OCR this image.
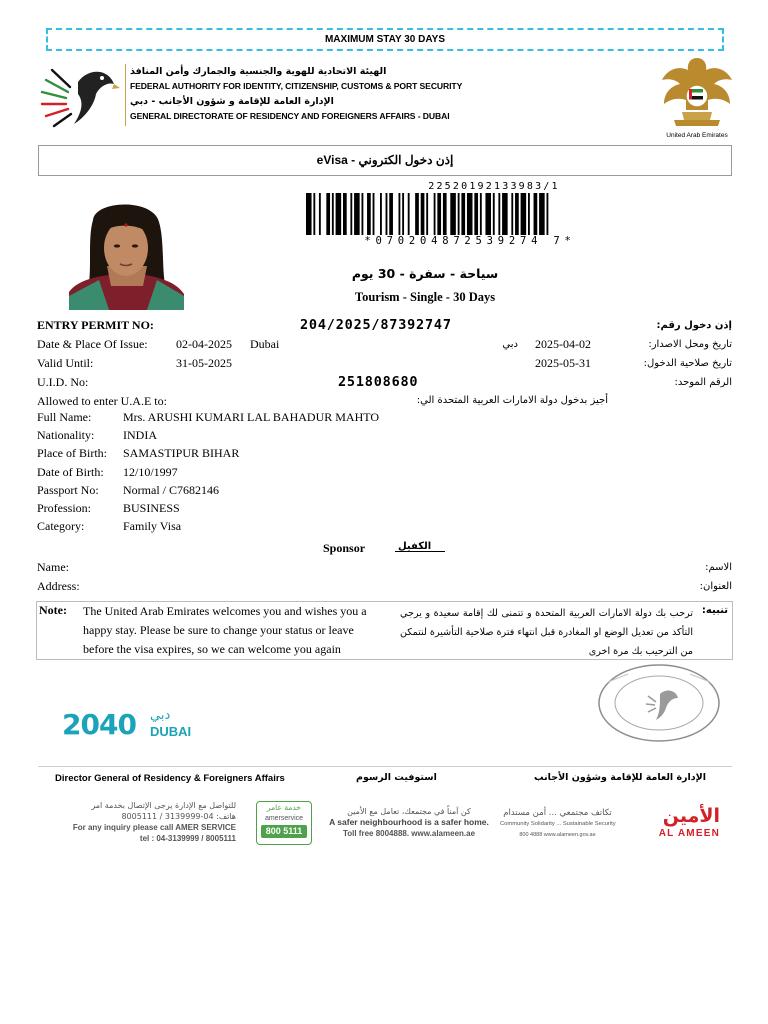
MAXIMUM STAY 30 DAYS
الهيئة الاتحادية للهوية والجنسية والجمارك وأمن المنافذ
FEDERAL AUTHORITY FOR IDENTITY, CITIZENSHIP, CUSTOMS & PORT SECURITY
الإدارة العامة للإقامة و شؤون الأجانب - دبي
GENERAL DIRECTORATE OF RESIDENCY AND FOREIGNERS AFFAIRS - DUBAI
United Arab Emirates
eVisa - إذن دخول الكتروني
22520192133983/1
*070204872539274 7*
سياحة - سفرة - 30 يوم
Tourism - Single - 30 Days
ENTRY PERMIT NO:	204/2025/87392747	إذن دخول رقم:
Date & Place Of Issue: 02-04-2025 Dubai	دبي 2025-04-02	تاريخ ومحل الاصدار:
Valid Until:	31-05-2025	2025-05-31	تاريخ صلاحية الدخول:
U.I.D. No:	251808680	الرقم الموحد:
Allowed to enter U.A.E to:	أجيز بدخول دولة الامارات العربية المتحدة الي:
Full Name:	Mrs. ARUSHI KUMARI LAL BAHADUR MAHTO
Nationality: INDIA
Place of Birth: SAMASTIPUR BIHAR
Date of Birth: 12/10/1997
Passport No: Normal / C7682146
Profession:	BUSINESS
Category:	Family Visa
Sponsor	الكفيل
Name:	الاسم:
Address:	العنوان:
Note: The United Arab Emirates welcomes you and wishes you a happy stay. Please be sure to change your status or leave before the visa expires, so we can welcome you again
ترحب بك دولة الامارات العربية المتحدة و تتمنى لك إقامة سعيدة و يرجي التأكد من تعديل الوضع او المغادرة قبل انتهاء فترة صلاحية التأشيرة لنتمكن من الترحيب بك مرة اخرى
تنبيه:
2040 دبي
DUBAI
Director General of Residency & Foreigners Affairs	استوفيت الرسوم	الإدارة العامة للإقامة وشؤون الأجانب
للتواصل مع الإدارة يرجى الإتصال بخدمة امر
هاتف: 04-3139999 / 8005111
For any inquiry please call AMER SERVICE
tel : 04-3139999 / 8005111
خدمة عامر
amerservice
800 5111
كن آمناً في مجتمعك، تعامل مع الأمين
A safer neighbourhood is a safer home.
Toll free 8004888. www.alameen.ae
تكاتف مجتمعي ... أمن مستدام
Community Solidarity ... Sustainable Security
800 4888 www.alameen.gov.ae
الأمين
AL AMEEN
